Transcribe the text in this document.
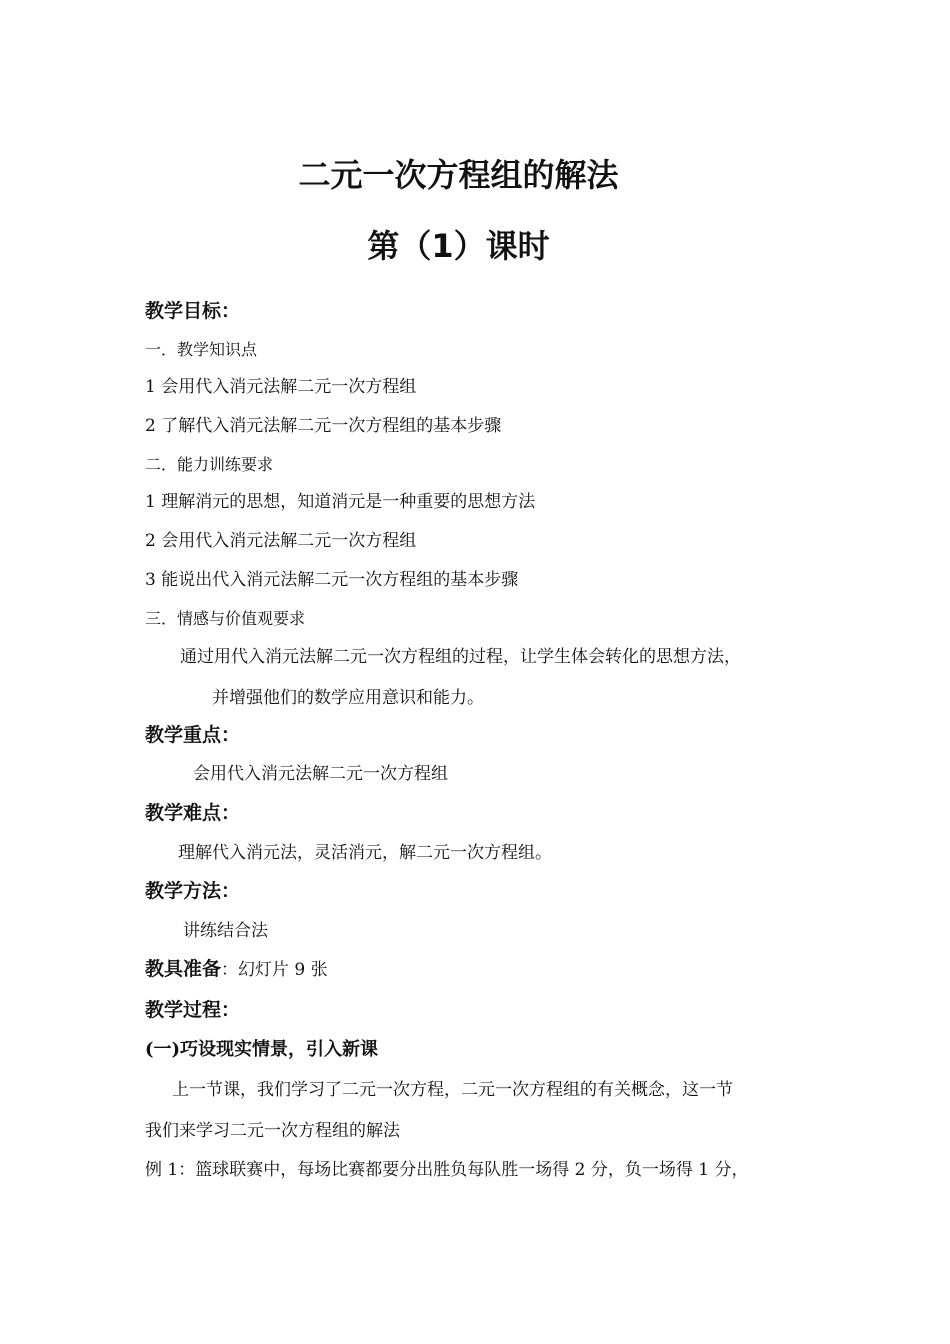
二元一次方程组的解法
第（1）课时
教学目标：
一．教学知识点
1 会用代入消元法解二元一次方程组
2 了解代入消元法解二元一次方程组的基本步骤
二．能力训练要求
1 理解消元的思想，知道消元是一种重要的思想方法
2 会用代入消元法解二元一次方程组
3 能说出代入消元法解二元一次方程组的基本步骤
三．情感与价值观要求
通过用代入消元法解二元一次方程组的过程，让学生体会转化的思想方法，
并增强他们的数学应用意识和能力。
教学重点：
会用代入消元法解二元一次方程组
教学难点：
理解代入消元法，灵活消元，解二元一次方程组。
教学方法：
讲练结合法
教具准备：幻灯片 9 张
教学过程：
(一)巧设现实情景，引入新课
上一节课，我们学习了二元一次方程，二元一次方程组的有关概念，这一节
我们来学习二元一次方程组的解法
例 1：篮球联赛中，每场比赛都要分出胜负每队胜一场得 2 分，负一场得 1 分，
